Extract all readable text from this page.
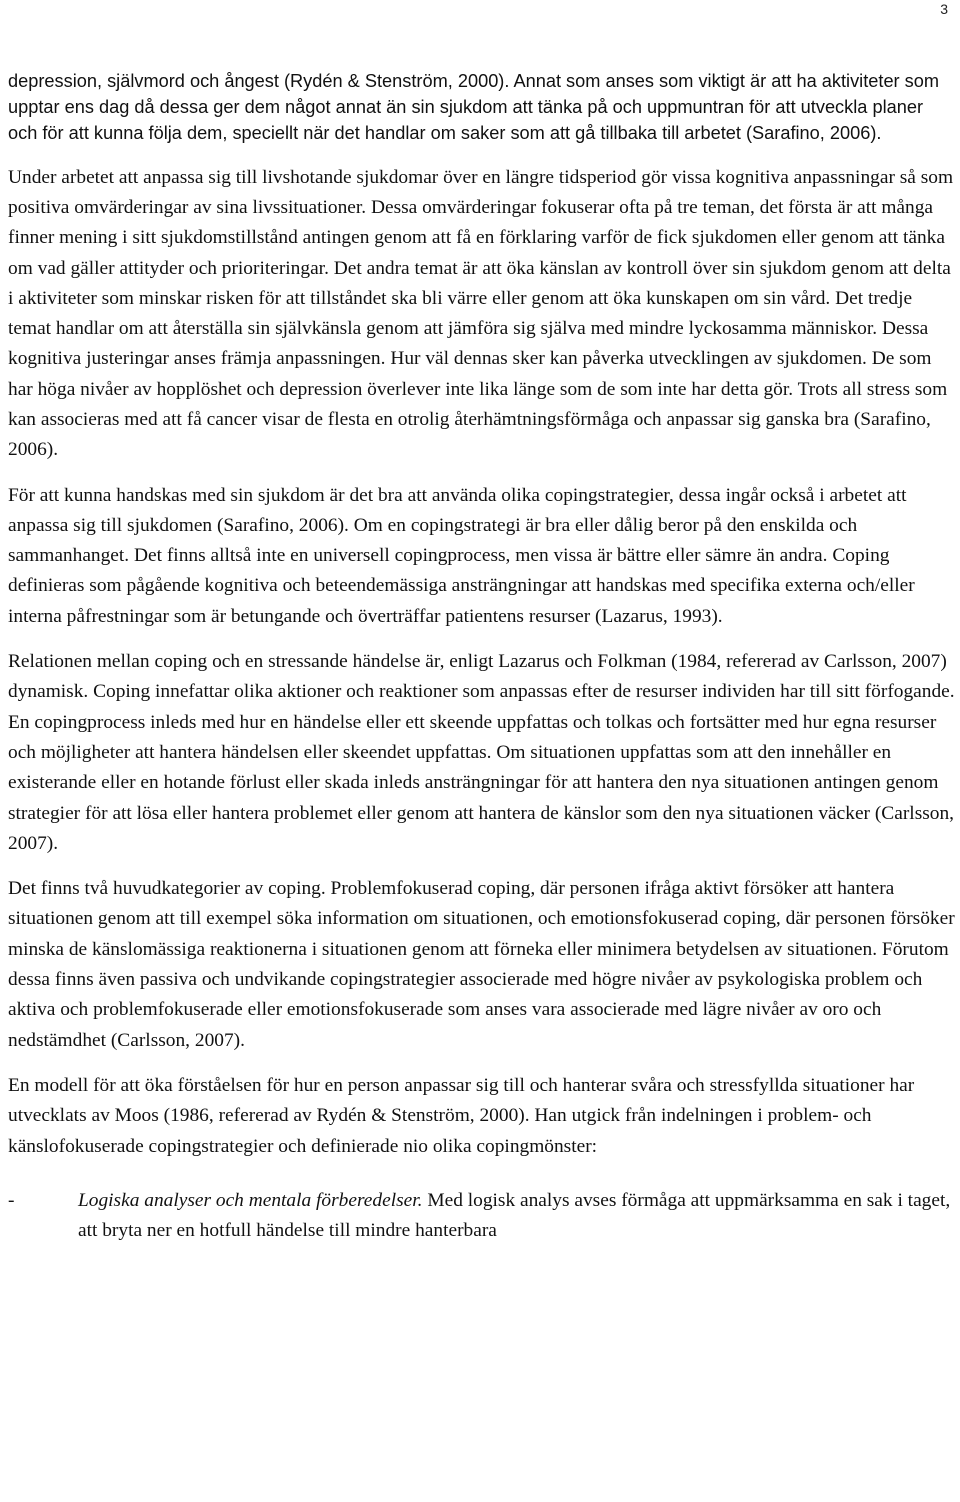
3

depression, självmord och ångest (Rydén & Stenström, 2000). Annat som anses som viktigt är att ha aktiviteter som upptar ens dag då dessa ger dem något annat än sin sjukdom att tänka på och uppmuntran för att utveckla planer och för att kunna följa dem, speciellt när det handlar om saker som att gå tillbaka till arbetet (Sarafino, 2006).

Under arbetet att anpassa sig till livshotande sjukdomar över en längre tidsperiod gör vissa kognitiva anpassningar så som positiva omvärderingar av sina livssituationer. Dessa omvärderingar fokuserar ofta på tre teman, det första är att många finner mening i sitt sjukdomstillstånd antingen genom att få en förklaring varför de fick sjukdomen eller genom att tänka om vad gäller attityder och prioriteringar. Det andra temat är att öka känslan av kontroll över sin sjukdom genom att delta i aktiviteter som minskar risken för att tillståndet ska bli värre eller genom att öka kunskapen om sin vård. Det tredje temat handlar om att återställa sin självkänsla genom att jämföra sig själva med mindre lyckosamma människor. Dessa kognitiva justeringar anses främja anpassningen. Hur väl dennas sker kan påverka utvecklingen av sjukdomen. De som har höga nivåer av hopplöshet och depression överlever inte lika länge som de som inte har detta gör. Trots all stress som kan associeras med att få cancer visar de flesta en otrolig återhämtningsförmåga och anpassar sig ganska bra (Sarafino, 2006).

För att kunna handskas med sin sjukdom är det bra att använda olika copingstrategier, dessa ingår också i arbetet att anpassa sig till sjukdomen (Sarafino, 2006). Om en copingstrategi är bra eller dålig beror på den enskilda och sammanhanget. Det finns alltså inte en universell copingprocess, men vissa är bättre eller sämre än andra. Coping definieras som pågående kognitiva och beteendemässiga ansträngningar att handskas med specifika externa och/eller interna påfrestningar som är betungande och överträffar patientens resurser (Lazarus, 1993).

Relationen mellan coping och en stressande händelse är, enligt Lazarus och Folkman (1984, refererad av Carlsson, 2007) dynamisk. Coping innefattar olika aktioner och reaktioner som anpassas efter de resurser individen har till sitt förfogande. En copingprocess inleds med hur en händelse eller ett skeende uppfattas och tolkas och fortsätter med hur egna resurser och möjligheter att hantera händelsen eller skeendet uppfattas. Om situationen uppfattas som att den innehåller en existerande eller en hotande förlust eller skada inleds ansträngningar för att hantera den nya situationen antingen genom strategier för att lösa eller hantera problemet eller genom att hantera de känslor som den nya situationen väcker (Carlsson, 2007).

Det finns två huvudkategorier av coping. Problemfokuserad coping, där personen ifråga aktivt försöker att hantera situationen genom att till exempel söka information om situationen, och emotionsfokuserad coping, där personen försöker minska de känslomässiga reaktionerna i situationen genom att förneka eller minimera betydelsen av situationen. Förutom dessa finns även passiva och undvikande copingstrategier associerade med högre nivåer av psykologiska problem och aktiva och problemfokuserade eller emotionsfokuserade som anses vara associerade med lägre nivåer av oro och nedstämdhet (Carlsson, 2007).

En modell för att öka förståelsen för hur en person anpassar sig till och hanterar svåra och stressfyllda situationer har utvecklats av Moos (1986, refererad av Rydén & Stenström, 2000). Han utgick från indelningen i problem- och känslofokuserade copingstrategier och definierade nio olika copingmönster:

-	Logiska analyser och mentala förberedelser. Med logisk analys avses förmåga att uppmärksamma en sak i taget, att bryta ner en hotfull händelse till mindre hanterbara
